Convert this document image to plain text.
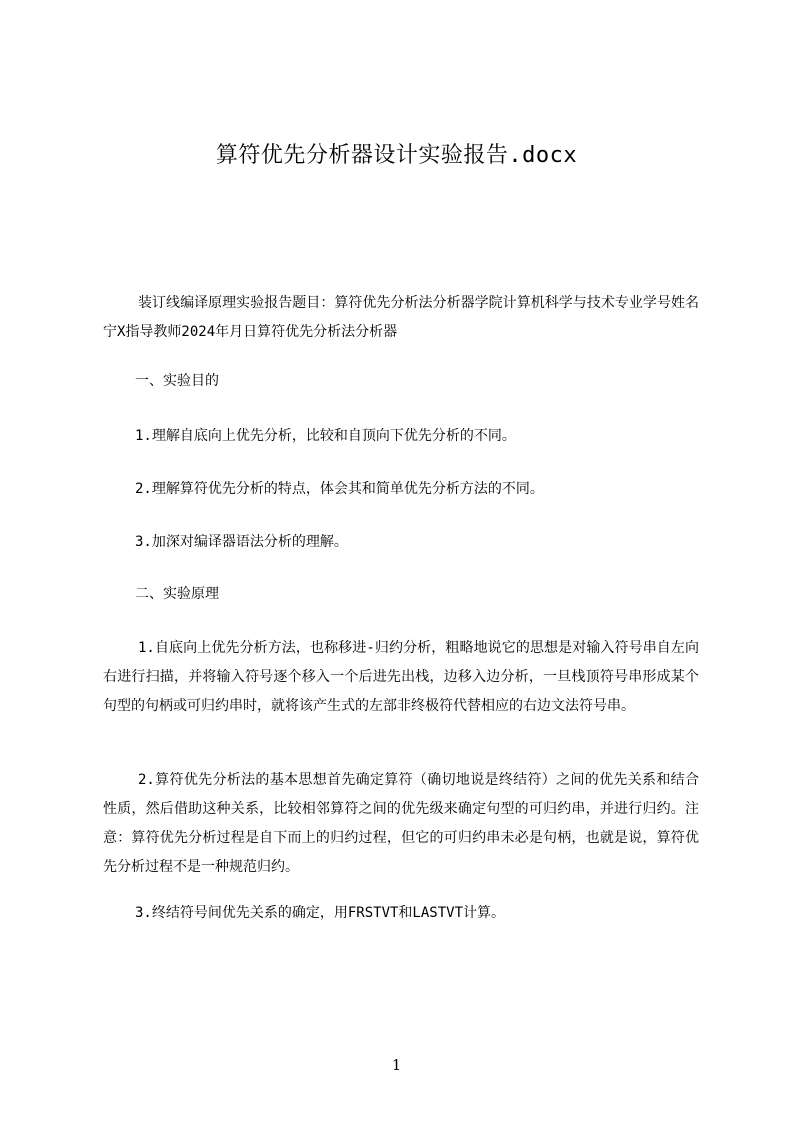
算符优先分析器设计实验报告.docx

装订线编译原理实验报告题目：算符优先分析法分析器学院计算机科学与技术专业学号姓名宁X指导教师2024年月日算符优先分析法分析器

一、实验目的

1.理解自底向上优先分析，比较和自顶向下优先分析的不同。

2.理解算符优先分析的特点，体会其和简单优先分析方法的不同。

3.加深对编译器语法分析的理解。

二、实验原理

1.自底向上优先分析方法，也称移进-归约分析，粗略地说它的思想是对输入符号串自左向右进行扫描，并将输入符号逐个移入一个后进先出栈，边移入边分析，一旦栈顶符号串形成某个句型的句柄或可归约串时，就将该产生式的左部非终极符代替相应的右边文法符号串。

2.算符优先分析法的基本思想首先确定算符（确切地说是终结符）之间的优先关系和结合性质，然后借助这种关系，比较相邻算符之间的优先级来确定句型的可归约串，并进行归约。注意：算符优先分析过程是自下而上的归约过程，但它的可归约串未必是句柄，也就是说，算符优先分析过程不是一种规范归约。

3.终结符号间优先关系的确定，用FRSTVT和LASTVT计算。

1
